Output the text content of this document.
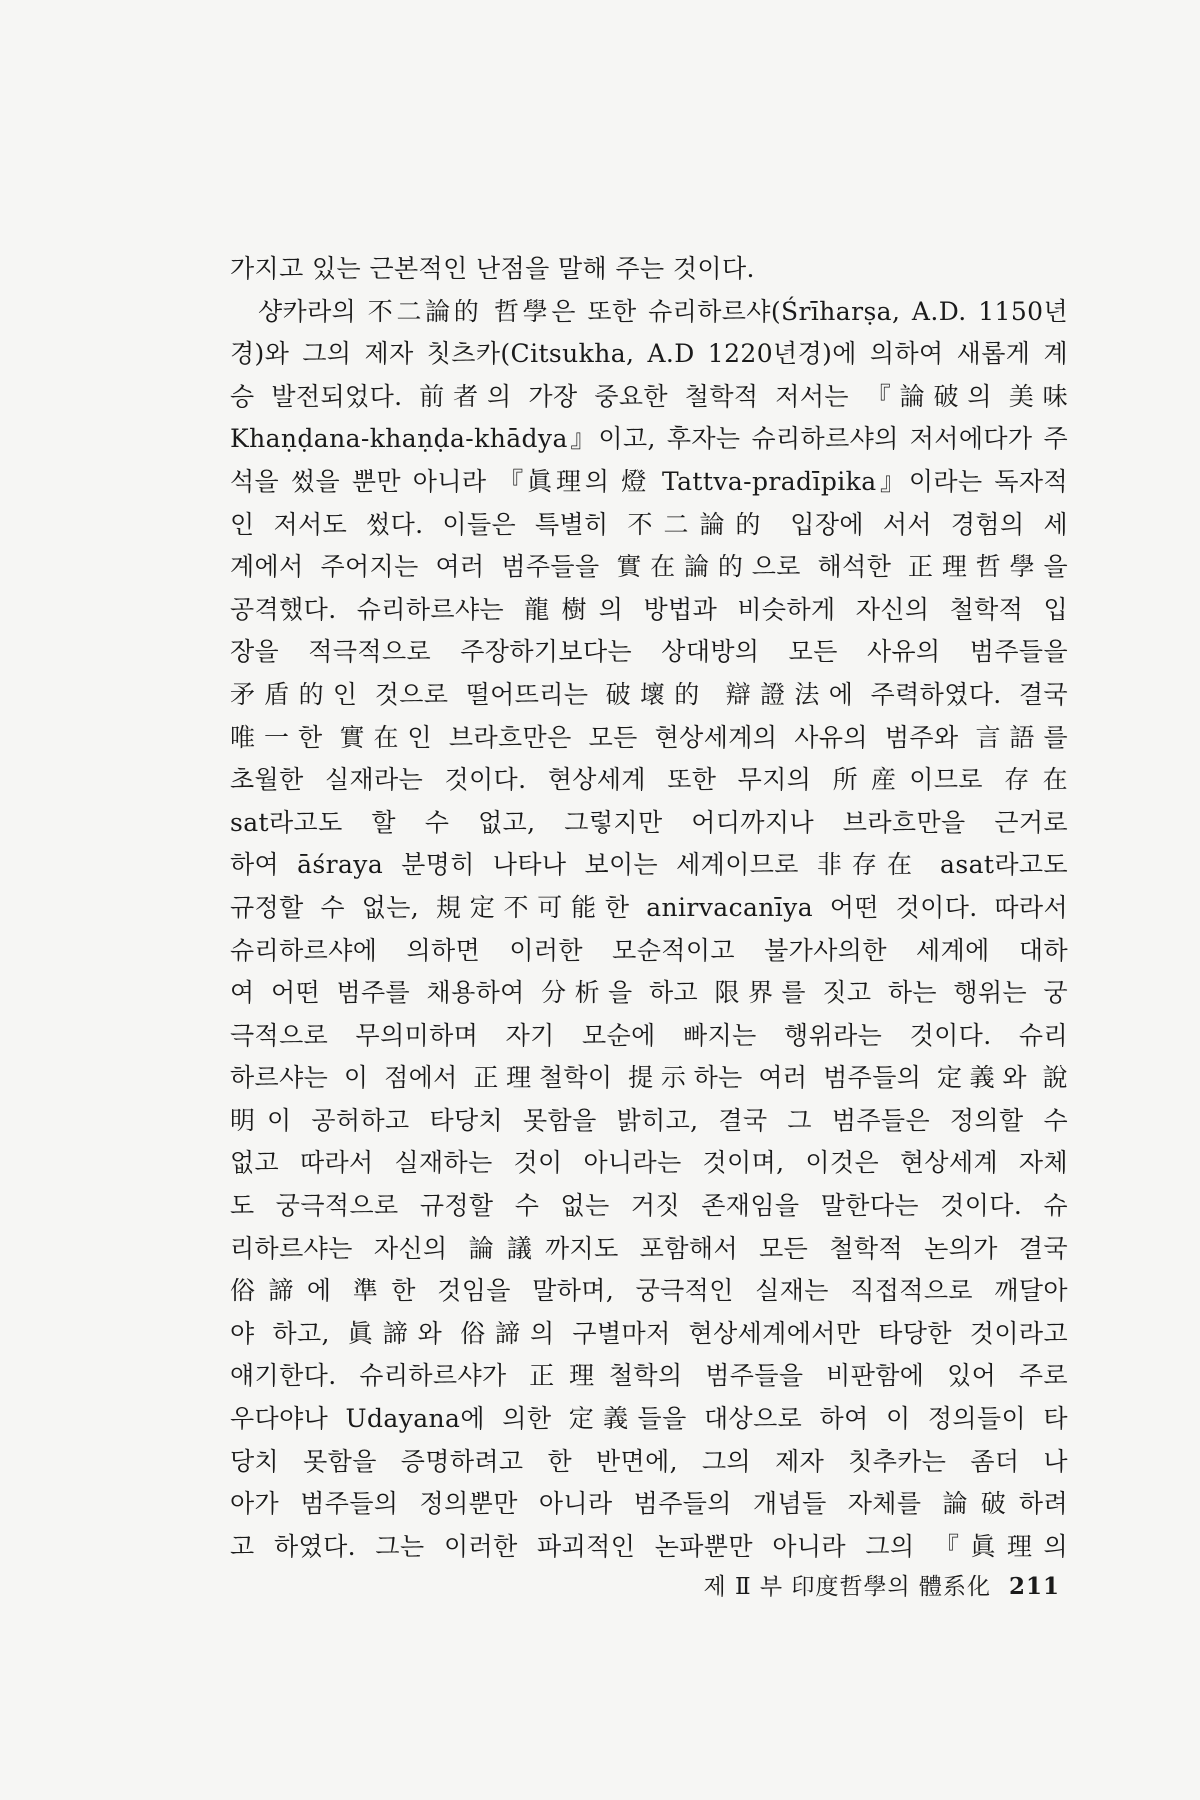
가지고 있는 근본적인 난점을 말해 주는 것이다.
샹카라의 不二論的 哲學은 또한 슈리하르샤(Śrīharṣa, A.D. 1150년
경)와 그의 제자 칫츠카(Citsukha, A.D 1220년경)에 의하여 새롭게 계
승 발전되었다. 前者의 가장 중요한 철학적 저서는 『論破의 美味
Khaṇḍana-khaṇḍa-khādya』이고, 후자는 슈리하르샤의 저서에다가 주
석을 썼을 뿐만 아니라 『眞理의 燈 Tattva-pradīpika』이라는 독자적
인 저서도 썼다. 이들은 특별히 不二論的 입장에 서서 경험의 세
계에서 주어지는 여러 범주들을 實在論的으로 해석한 正理哲學을
공격했다. 슈리하르샤는 龍樹의 방법과 비슷하게 자신의 철학적 입
장을 적극적으로 주장하기보다는 상대방의 모든 사유의 범주들을
矛盾的인 것으로 떨어뜨리는 破壞的 辯證法에 주력하였다. 결국
唯一한 實在인 브라흐만은 모든 현상세계의 사유의 범주와 言語를
초월한 실재라는 것이다. 현상세계 또한 무지의 所産이므로 存在
sat라고도 할 수 없고, 그렇지만 어디까지나 브라흐만을 근거로
하여 āśraya 분명히 나타나 보이는 세계이므로 非存在 asat라고도
규정할 수 없는, 規定不可能한 anirvacanīya 어떤 것이다. 따라서
슈리하르샤에 의하면 이러한 모순적이고 불가사의한 세계에 대하
여 어떤 범주를 채용하여 分析을 하고 限界를 짓고 하는 행위는 궁
극적으로 무의미하며 자기 모순에 빠지는 행위라는 것이다. 슈리
하르샤는 이 점에서 正理철학이 提示하는 여러 범주들의 定義와 說
明이 공허하고 타당치 못함을 밝히고, 결국 그 범주들은 정의할 수
없고 따라서 실재하는 것이 아니라는 것이며, 이것은 현상세계 자체
도 궁극적으로 규정할 수 없는 거짓 존재임을 말한다는 것이다. 슈
리하르샤는 자신의 論議까지도 포함해서 모든 철학적 논의가 결국
俗諦에 準한 것임을 말하며, 궁극적인 실재는 직접적으로 깨달아
야 하고, 眞諦와 俗諦의 구별마저 현상세계에서만 타당한 것이라고
얘기한다. 슈리하르샤가 正理철학의 범주들을 비판함에 있어 주로
우다야나 Udayana에 의한 定義들을 대상으로 하여 이 정의들이 타
당치 못함을 증명하려고 한 반면에, 그의 제자 칫추카는 좀더 나
아가 범주들의 정의뿐만 아니라 범주들의 개념들 자체를 論破하려
고 하였다. 그는 이러한 파괴적인 논파뿐만 아니라 그의 『眞理의
제 Ⅱ 부 印度哲學의 體系化 211
